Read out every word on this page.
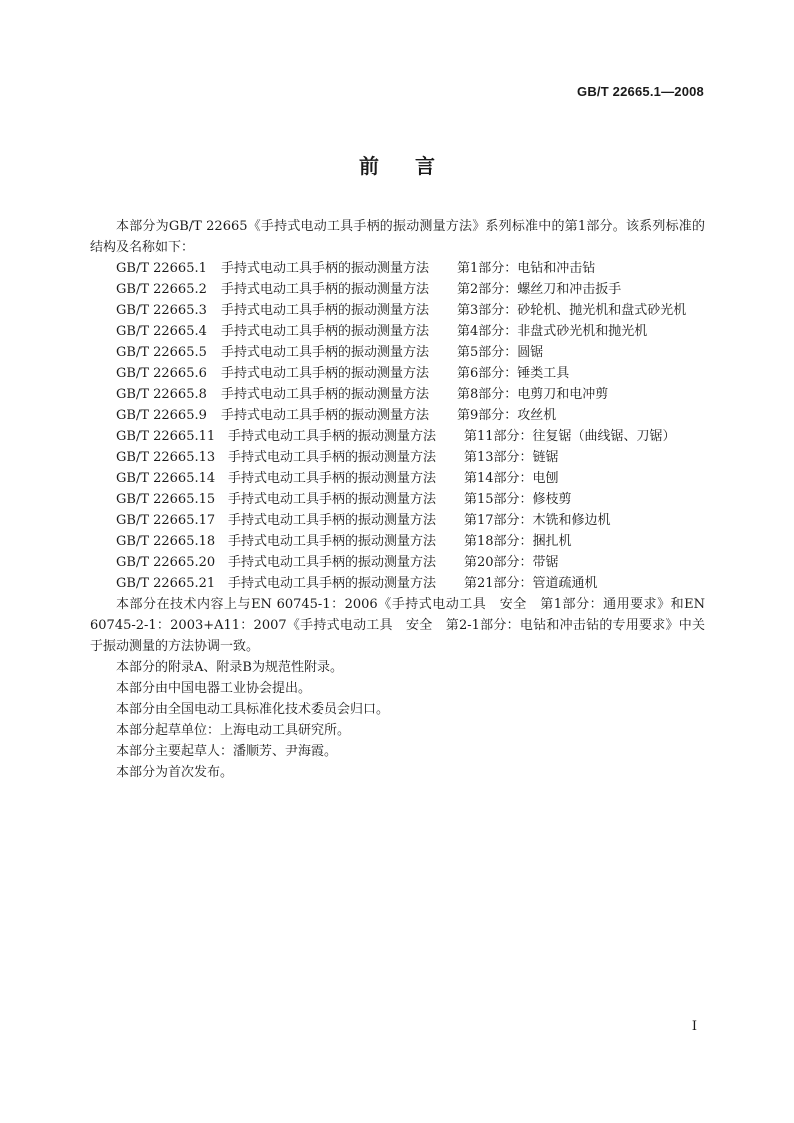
GB/T 22665.1—2008
前言

本部分为GB/T 22665《手持式电动工具手柄的振动测量方法》系列标准中的第1部分。该系列标准的结构及名称如下：

GB/T 22665.1 手持式电动工具手柄的振动测量方法 第1部分：电钻和冲击钻
GB/T 22665.2 手持式电动工具手柄的振动测量方法 第2部分：螺丝刀和冲击扳手
GB/T 22665.3 手持式电动工具手柄的振动测量方法 第3部分：砂轮机、抛光机和盘式砂光机
GB/T 22665.4 手持式电动工具手柄的振动测量方法 第4部分：非盘式砂光机和抛光机
GB/T 22665.5 手持式电动工具手柄的振动测量方法 第5部分：圆锯
GB/T 22665.6 手持式电动工具手柄的振动测量方法 第6部分：锤类工具
GB/T 22665.8 手持式电动工具手柄的振动测量方法 第8部分：电剪刀和电冲剪
GB/T 22665.9 手持式电动工具手柄的振动测量方法 第9部分：攻丝机
GB/T 22665.11 手持式电动工具手柄的振动测量方法 第11部分：往复锯（曲线锯、刀锯）
GB/T 22665.13 手持式电动工具手柄的振动测量方法 第13部分：链锯
GB/T 22665.14 手持式电动工具手柄的振动测量方法 第14部分：电刨
GB/T 22665.15 手持式电动工具手柄的振动测量方法 第15部分：修枝剪
GB/T 22665.17 手持式电动工具手柄的振动测量方法 第17部分：木铣和修边机
GB/T 22665.18 手持式电动工具手柄的振动测量方法 第18部分：捆扎机
GB/T 22665.20 手持式电动工具手柄的振动测量方法 第20部分：带锯
GB/T 22665.21 手持式电动工具手柄的振动测量方法 第21部分：管道疏通机

本部分在技术内容上与EN 60745-1：2006《手持式电动工具　安全　第1部分：通用要求》和EN 60745-2-1：2003+A11：2007《手持式电动工具　安全　第2-1部分：电钻和冲击钻的专用要求》中关于振动测量的方法协调一致。

本部分的附录A、附录B为规范性附录。

本部分由中国电器工业协会提出。

本部分由全国电动工具标准化技术委员会归口。

本部分起草单位：上海电动工具研究所。

本部分主要起草人：潘顺芳、尹海霞。

本部分为首次发布。

I
